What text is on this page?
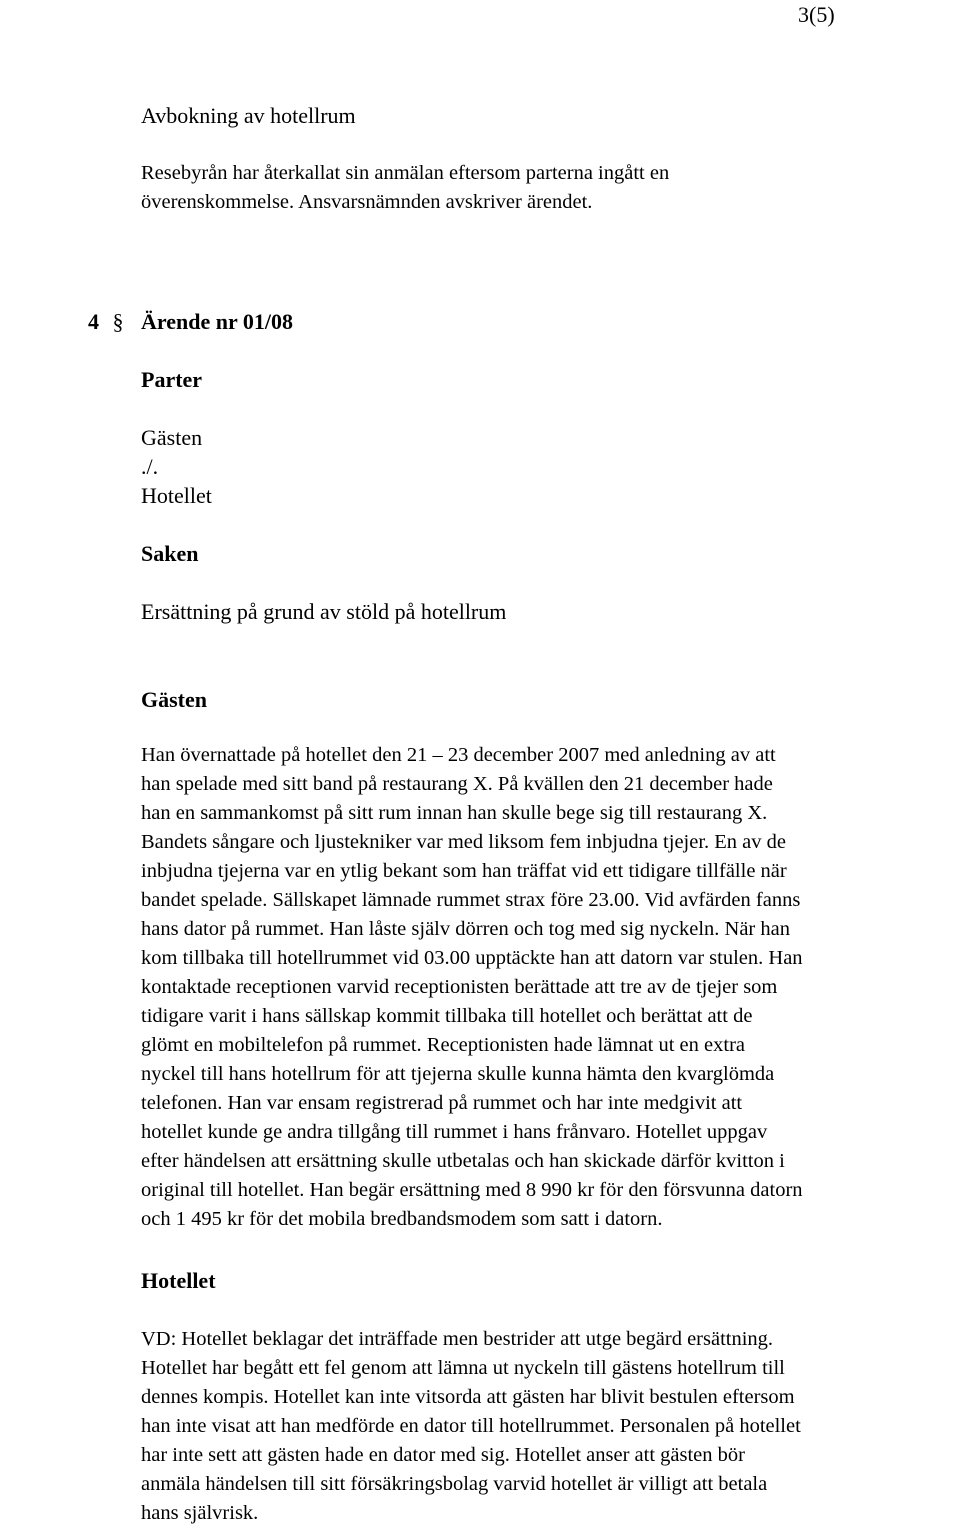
3(5)
Avbokning av hotellrum
Resebyrån har återkallat sin anmälan eftersom parterna ingått en
överenskommelse. Ansvarsnämnden avskriver ärendet.
4 § Ärende nr 01/08
Parter
Gästen
./.
Hotellet
Saken
Ersättning på grund av stöld på hotellrum
Gästen
Han övernattade på hotellet den 21 – 23 december 2007 med anledning av att
han spelade med sitt band på restaurang X. På kvällen den 21 december hade
han en sammankomst på sitt rum innan han skulle bege sig till restaurang X.
Bandets sångare och ljustekniker var med liksom fem inbjudna tjejer. En av de
inbjudna tjejerna var en ytlig bekant som han träffat vid ett tidigare tillfälle när
bandet spelade. Sällskapet lämnade rummet strax före 23.00. Vid avfärden fanns
hans dator på rummet. Han låste själv dörren och tog med sig nyckeln. När han
kom tillbaka till hotellrummet vid 03.00 upptäckte han att datorn var stulen. Han
kontaktade receptionen varvid receptionisten berättade att tre av de tjejer som
tidigare varit i hans sällskap kommit tillbaka till hotellet och berättat att de
glömt en mobiltelefon på rummet. Receptionisten hade lämnat ut en extra
nyckel till hans hotellrum för att tjejerna skulle kunna hämta den kvarglömda
telefonen. Han var ensam registrerad på rummet och har inte medgivit att
hotellet kunde ge andra tillgång till rummet i hans frånvaro. Hotellet uppgav
efter händelsen att ersättning skulle utbetalas och han skickade därför kvitton i
original till hotellet. Han begär ersättning med 8 990 kr för den försvunna datorn
och 1 495 kr för det mobila bredbandsmodem som satt i datorn.
Hotellet
VD: Hotellet beklagar det inträffade men bestrider att utge begärd ersättning.
Hotellet har begått ett fel genom att lämna ut nyckeln till gästens hotellrum till
dennes kompis. Hotellet kan inte vitsorda att gästen har blivit bestulen eftersom
han inte visat att han medförde en dator till hotellrummet. Personalen på hotellet
har inte sett att gästen hade en dator med sig. Hotellet anser att gästen bör
anmäla händelsen till sitt försäkringsbolag varvid hotellet är villigt att betala
hans självrisk.
